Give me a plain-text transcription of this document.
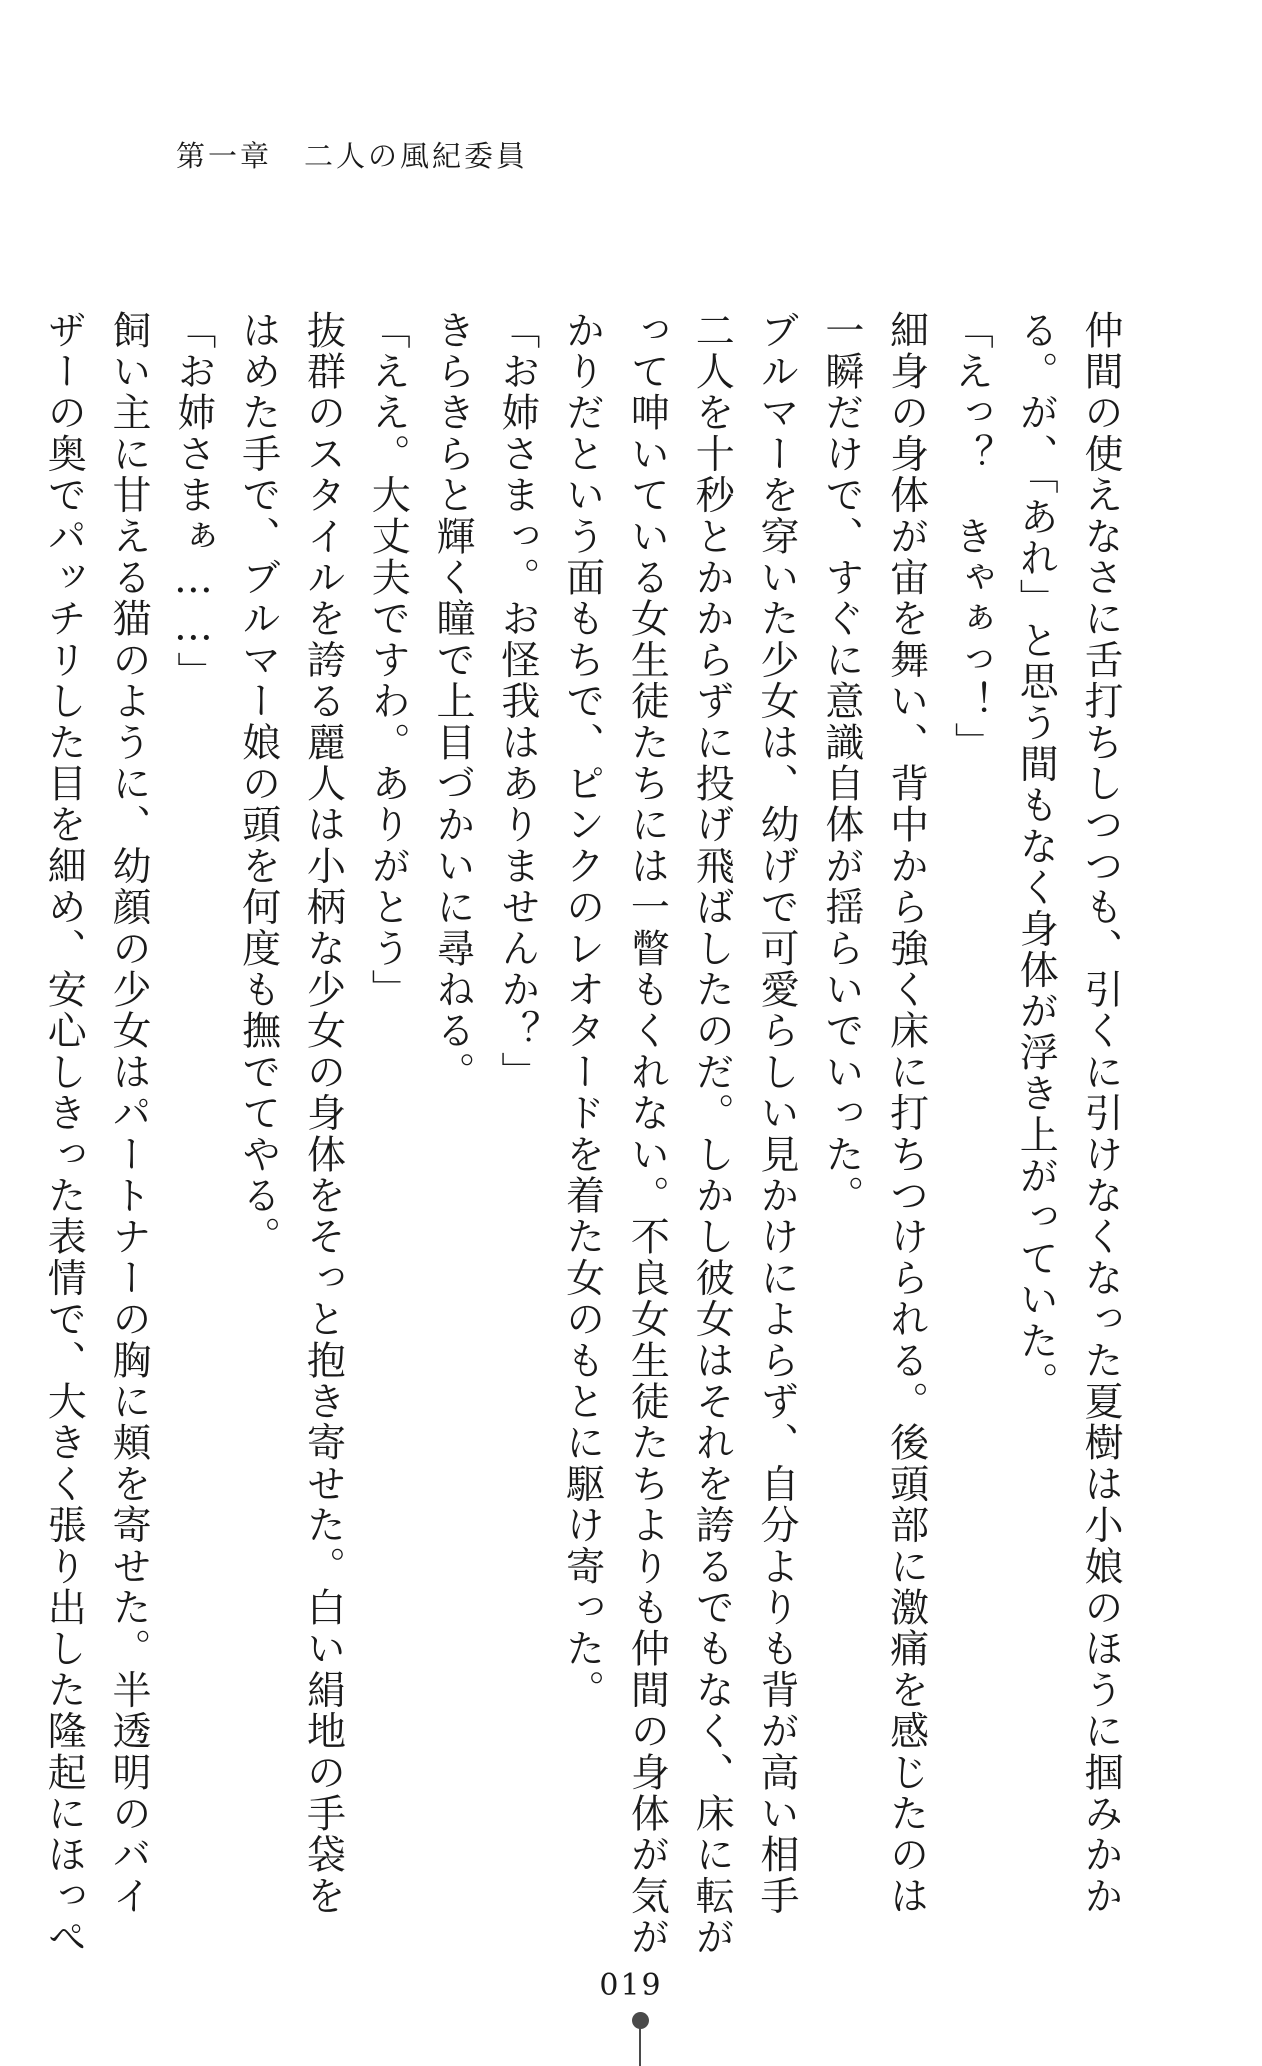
第一章　二人の風紀委員

仲間の使えなさに舌打ちしつつも、引くに引けなくなった夏樹は小娘のほうに掴みかか

る。が、「あれ」と思う間もなく身体が浮き上がっていた。

「えっ？　きゃぁっ！」

細身の身体が宙を舞い、背中から強く床に打ちつけられる。後頭部に激痛を感じたのは

一瞬だけで、すぐに意識自体が揺らいでいった。

ブルマーを穿いた少女は、幼げで可愛らしい見かけによらず、自分よりも背が高い相手

二人を十秒とかからずに投げ飛ばしたのだ。しかし彼女はそれを誇るでもなく、床に転が

って呻いている女生徒たちには一瞥もくれない。不良女生徒たちよりも仲間の身体が気が

かりだという面もちで、ピンクのレオタードを着た女のもとに駆け寄った。

「お姉さまっ。お怪我はありませんか？」

きらきらと輝く瞳で上目づかいに尋ねる。

「ええ。大丈夫ですわ。ありがとう」

抜群のスタイルを誇る麗人は小柄な少女の身体をそっと抱き寄せた。白い絹地の手袋を

はめた手で、ブルマー娘の頭を何度も撫でてやる。

「お姉さまぁ……」

飼い主に甘える猫のように、幼顔の少女はパートナーの胸に頬を寄せた。半透明のバイ

ザーの奥でパッチリした目を細め、安心しきった表情で、大きく張り出した隆起にほっぺ

019
